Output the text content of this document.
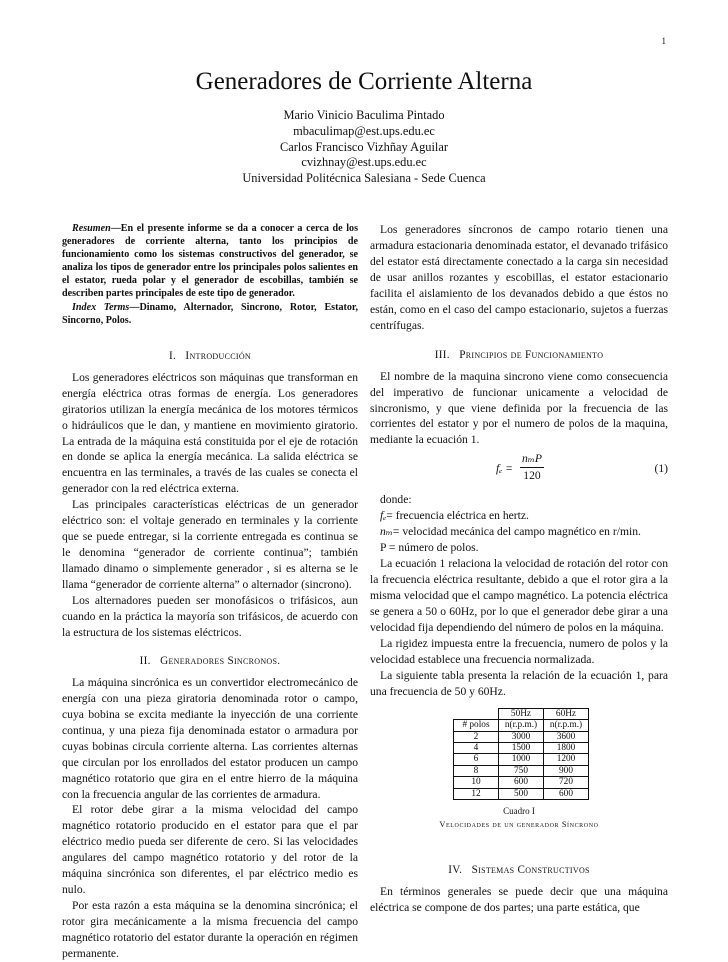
1
Generadores de Corriente Alterna
Mario Vinicio Baculima Pintado
mbaculimap@est.ups.edu.ec
Carlos Francisco Vizhñay Aguilar
cvizhnay@est.ups.edu.ec
Universidad Politécnica Salesiana - Sede Cuenca

Resumen—En el presente informe se da a conocer a cerca de los generadores de corriente alterna, tanto los principios de funcionamiento como los sistemas constructivos del generador, se analiza los tipos de generador entre los principales polos salientes en el estator, rueda polar y el generador de escobillas, también se describen partes principales de este tipo de generador.

Index Terms—Dinamo, Alternador, Sincrono, Rotor, Estator, Sincorno, Polos.

I. Introducción

Los generadores eléctricos son máquinas que transforman en energía eléctrica otras formas de energía. Los generadores giratorios utilizan la energía mecánica de los motores térmicos o hidráulicos que le dan, y mantiene en movimiento giratorio. La entrada de la máquina está constituida por el eje de rotación en donde se aplica la energía mecánica. La salida eléctrica se encuentra en las terminales, a través de las cuales se conecta el generador con la red eléctrica externa.

Las principales características eléctricas de un generador eléctrico son: el voltaje generado en terminales y la corriente que se puede entregar, si la corriente entregada es continua se le denomina “generador de corriente continua”; también llamado dinamo o simplemente generador , si es alterna se le llama “generador de corriente alterna” o alternador (sincrono).

Los alternadores pueden ser monofásicos o trifásicos, aun cuando en la práctica la mayoría son trifásicos, de acuerdo con la estructura de los sistemas eléctricos.

II. Generadores Sincronos.

La máquina sincrónica es un convertidor electromecánico de energía con una pieza giratoria denominada rotor o campo, cuya bobina se excita mediante la inyección de una corriente continua, y una pieza fija denominada estator o armadura por cuyas bobinas circula corriente alterna. Las corrientes alternas que circulan por los enrollados del estator producen un campo magnético rotatorio que gira en el entre hierro de la máquina con la frecuencia angular de las corrientes de armadura.

El rotor debe girar a la misma velocidad del campo magnético rotatorio producido en el estator para que el par eléctrico medio pueda ser diferente de cero. Si las velocidades angulares del campo magnético rotatorio y del rotor de la máquina sincrónica son diferentes, el par eléctrico medio es nulo.

Por esta razón a esta máquina se la denomina sincrónica; el rotor gira mecánicamente a la misma frecuencia del campo magnético rotatorio del estator durante la operación en régimen permanente.

Los generadores síncronos de campo rotario tienen una armadura estacionaria denominada estator, el devanado trifásico del estator está directamente conectado a la carga sin necesidad de usar anillos rozantes y escobillas, el estator estacionario facilita el aislamiento de los devanados debido a que éstos no están, como en el caso del campo estacionario, sujetos a fuerzas centrífugas.

III. Principios de Funcionamiento

El nombre de la maquina sincrono viene como consecuencia del imperativo de funcionar unicamente a velocidad de sincronismo, y que viene definida por la frecuencia de las corrientes del estator y por el numero de polos de la maquina, mediante la ecuación 1.

fₑ =
nₘP
120
(1)

donde:

fₑ= frecuencia eléctrica en hertz.

nₘ= velocidad mecánica del campo magnético en r/min.

P = número de polos.

La ecuación 1 relaciona la velocidad de rotación del rotor con la frecuencia eléctrica resultante, debido a que el rotor gira a la misma velocidad que el campo magnético. La potencia eléctrica se genera a 50 o 60Hz, por lo que el generador debe girar a una velocidad fija dependiendo del número de polos en la máquina.

La rigidez impuesta entre la frecuencia, numero de polos y la velocidad establece una frecuencia normalizada.

La siguiente tabla presenta la relación de la ecuación 1, para una frecuencia de 50 y 60Hz.

	50Hz	60Hz
# polos	n(r.p.m.)	n(r.p.m.)
2	3000	3600
4	1500	1800
6	1000	1200
8	750	900
10	600	720
12	500	600
Cuadro I
Velocidades de un generador Síncrono
IV. Sistemas Constructivos

En términos generales se puede decir que una máquina eléctrica se compone de dos partes; una parte estática, que
